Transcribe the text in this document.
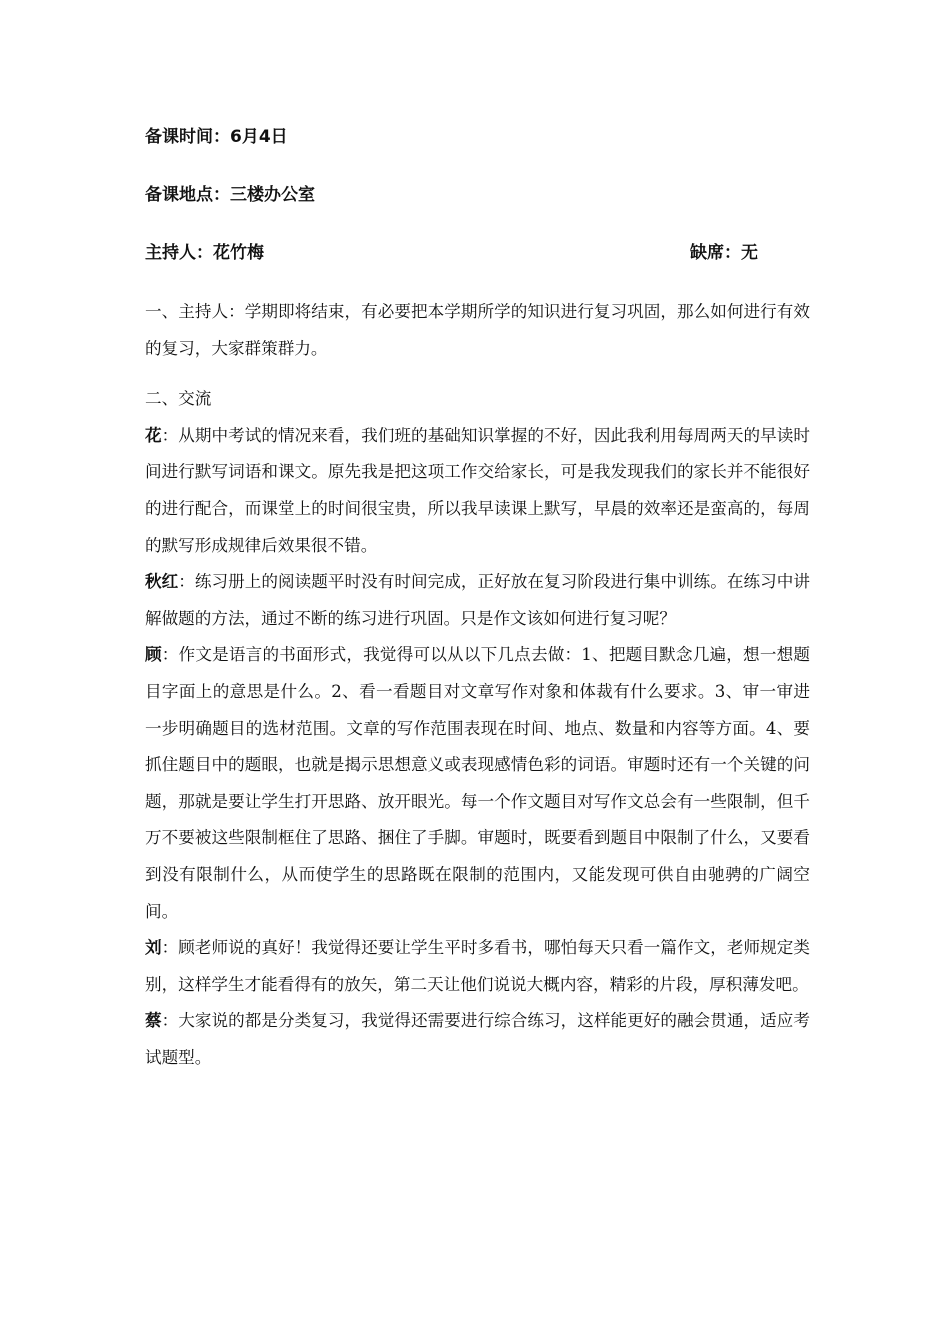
备课时间：6月4日

备课地点：三楼办公室

主持人：花竹梅	缺席：无

一、主持人：学期即将结束，有必要把本学期所学的知识进行复习巩固，那么如何进行有效的复习，大家群策群力。

二、交流

花：从期中考试的情况来看，我们班的基础知识掌握的不好，因此我利用每周两天的早读时间进行默写词语和课文。原先我是把这项工作交给家长，可是我发现我们的家长并不能很好的进行配合，而课堂上的时间很宝贵，所以我早读课上默写，早晨的效率还是蛮高的，每周的默写形成规律后效果很不错。

秋红：练习册上的阅读题平时没有时间完成，正好放在复习阶段进行集中训练。在练习中讲解做题的方法，通过不断的练习进行巩固。只是作文该如何进行复习呢？

顾：作文是语言的书面形式，我觉得可以从以下几点去做：1、把题目默念几遍，想一想题目字面上的意思是什么。2、看一看题目对文章写作对象和体裁有什么要求。3、审一审进一步明确题目的选材范围。文章的写作范围表现在时间、地点、数量和内容等方面。4、要抓住题目中的题眼，也就是揭示思想意义或表现感情色彩的词语。审题时还有一个关键的问题，那就是要让学生打开思路、放开眼光。每一个作文题目对写作文总会有一些限制，但千万不要被这些限制框住了思路、捆住了手脚。审题时，既要看到题目中限制了什么，又要看到没有限制什么，从而使学生的思路既在限制的范围内，又能发现可供自由驰骋的广阔空间。

刘：顾老师说的真好！我觉得还要让学生平时多看书，哪怕每天只看一篇作文，老师规定类别，这样学生才能看得有的放矢，第二天让他们说说大概内容，精彩的片段，厚积薄发吧。

蔡：大家说的都是分类复习，我觉得还需要进行综合练习，这样能更好的融会贯通，适应考试题型。
